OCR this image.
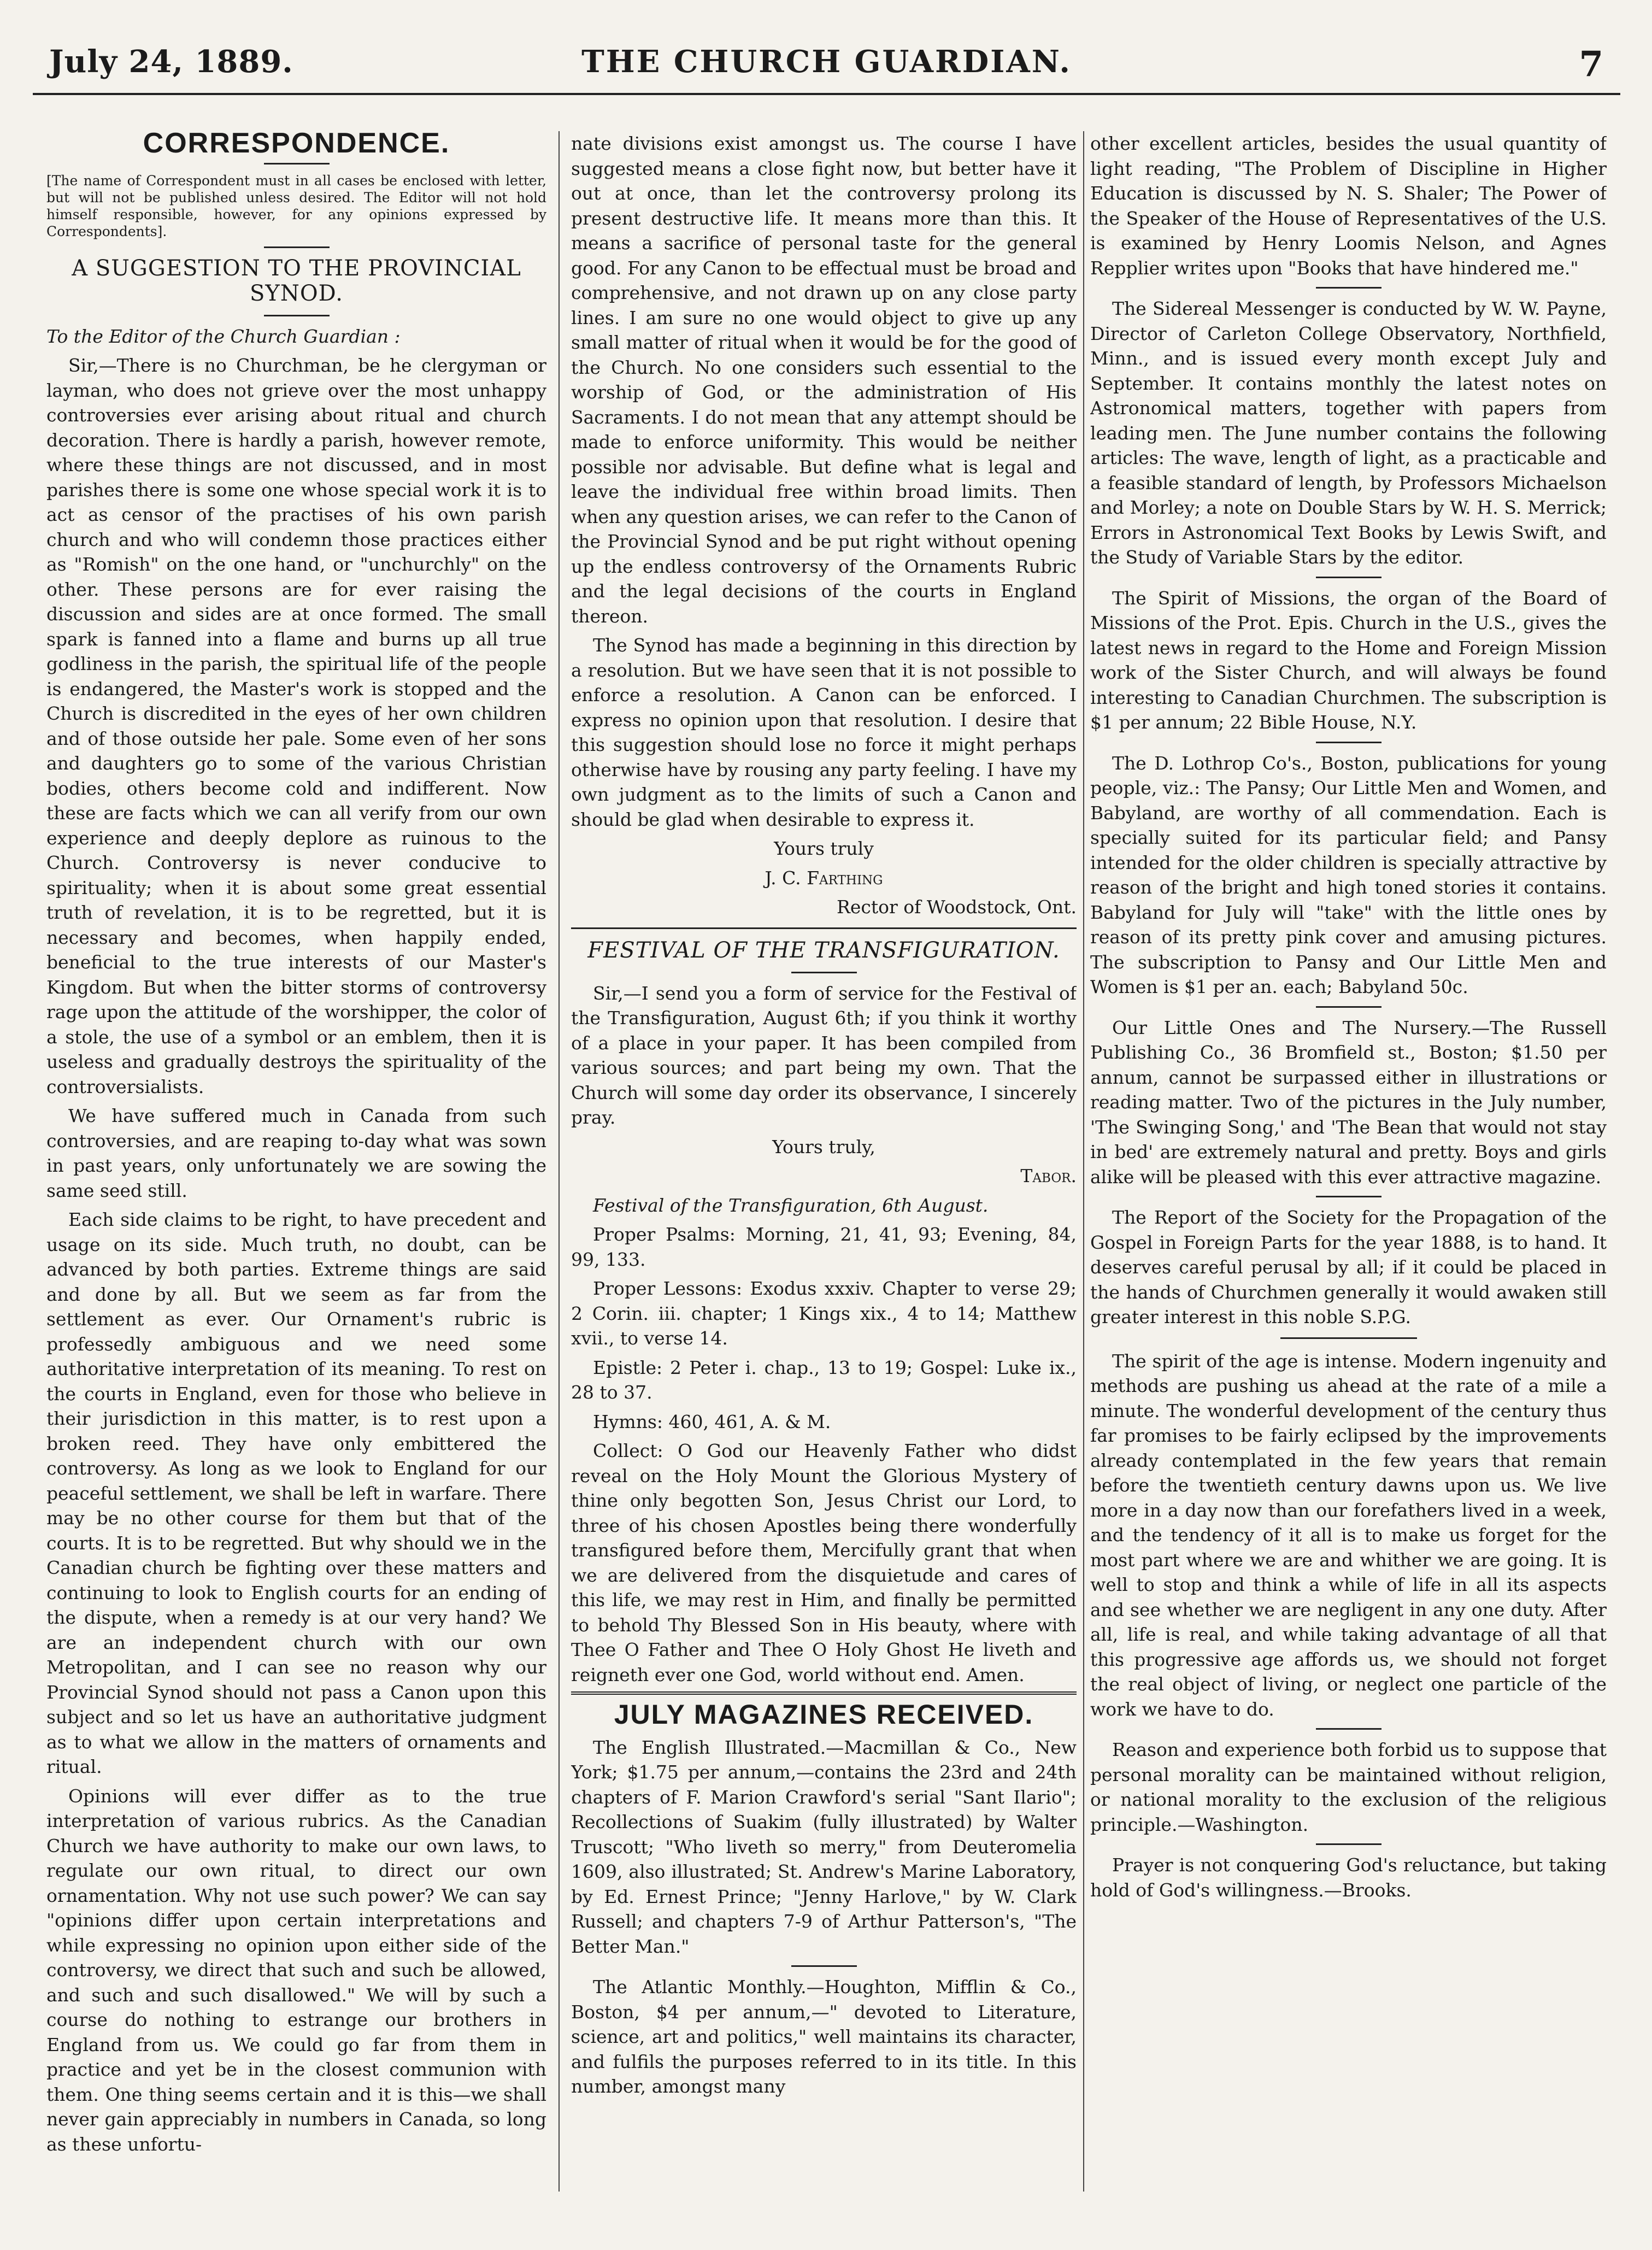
July 24, 1889.	THE CHURCH GUARDIAN.	7
CORRESPONDENCE.

[The name of Correspondent must in all cases be enclosed with letter, but will not be published unless desired. The Editor will not hold himself responsible, however, for any opinions expressed by Correspondents].

A SUGGESTION TO THE PROVINCIAL SYNOD.

To the Editor of the Church Guardian :

Sir,—There is no Churchman, be he clergyman or layman, who does not grieve over the most unhappy controversies ever arising about ritual and church decoration. There is hardly a parish, however remote, where these things are not discussed, and in most parishes there is some one whose special work it is to act as censor of the practises of his own parish church and who will condemn those practices either as "Romish" on the one hand, or "unchurchly" on the other. These persons are for ever raising the discussion and sides are at once formed. The small spark is fanned into a flame and burns up all true godliness in the parish, the spiritual life of the people is endangered, the Master's work is stopped and the Church is discredited in the eyes of her own children and of those outside her pale. Some even of her sons and daughters go to some of the various Christian bodies, others become cold and indifferent. Now these are facts which we can all verify from our own experience and deeply deplore as ruinous to the Church. Controversy is never conducive to spirituality; when it is about some great essential truth of revelation, it is to be regretted, but it is necessary and becomes, when happily ended, beneficial to the true interests of our Master's Kingdom. But when the bitter storms of controversy rage upon the attitude of the worshipper, the color of a stole, the use of a symbol or an emblem, then it is useless and gradually destroys the spirituality of the controversialists.

We have suffered much in Canada from such controversies, and are reaping to-day what was sown in past years, only unfortunately we are sowing the same seed still.

Each side claims to be right, to have precedent and usage on its side. Much truth, no doubt, can be advanced by both parties. Extreme things are said and done by all. But we seem as far from the settlement as ever. Our Ornament's rubric is professedly ambiguous and we need some authoritative interpretation of its meaning. To rest on the courts in England, even for those who believe in their jurisdiction in this matter, is to rest upon a broken reed. They have only embittered the controversy. As long as we look to England for our peaceful settlement, we shall be left in warfare. There may be no other course for them but that of the courts. It is to be regretted. But why should we in the Canadian church be fighting over these matters and continuing to look to English courts for an ending of the dispute, when a remedy is at our very hand? We are an independent church with our own Metropolitan, and I can see no reason why our Provincial Synod should not pass a Canon upon this subject and so let us have an authoritative judgment as to what we allow in the matters of ornaments and ritual.

Opinions will ever differ as to the true interpretation of various rubrics. As the Canadian Church we have authority to make our own laws, to regulate our own ritual, to direct our own ornamentation. Why not use such power? We can say "opinions differ upon certain interpretations and while expressing no opinion upon either side of the controversy, we direct that such and such be allowed, and such and such disallowed." We will by such a course do nothing to estrange our brothers in England from us. We could go far from them in practice and yet be in the closest communion with them. One thing seems certain and it is this—we shall never gain appreciably in numbers in Canada, so long as these unfortu-

nate divisions exist amongst us. The course I have suggested means a close fight now, but better have it out at once, than let the controversy prolong its present destructive life. It means more than this. It means a sacrifice of personal taste for the general good. For any Canon to be effectual must be broad and comprehensive, and not drawn up on any close party lines. I am sure no one would object to give up any small matter of ritual when it would be for the good of the Church. No one considers such essential to the worship of God, or the administration of His Sacraments. I do not mean that any attempt should be made to enforce uniformity. This would be neither possible nor advisable. But define what is legal and leave the individual free within broad limits. Then when any question arises, we can refer to the Canon of the Provincial Synod and be put right without opening up the endless controversy of the Ornaments Rubric and the legal decisions of the courts in England thereon.

The Synod has made a beginning in this direction by a resolution. But we have seen that it is not possible to enforce a resolution. A Canon can be enforced. I express no opinion upon that resolution. I desire that this suggestion should lose no force it might perhaps otherwise have by rousing any party feeling. I have my own judgment as to the limits of such a Canon and should be glad when desirable to express it.

Yours truly

J. C. Farthing

Rector of Woodstock, Ont.

FESTIVAL OF THE TRANSFIGURATION.

Sir,—I send you a form of service for the Festival of the Transfiguration, August 6th; if you think it worthy of a place in your paper. It has been compiled from various sources; and part being my own. That the Church will some day order its observance, I sincerely pray.

Yours truly,

Tabor.

Festival of the Transfiguration, 6th August.

Proper Psalms: Morning, 21, 41, 93; Evening, 84, 99, 133.

Proper Lessons: Exodus xxxiv. Chapter to verse 29; 2 Corin. iii. chapter; 1 Kings xix., 4 to 14; Matthew xvii., to verse 14.

Epistle: 2 Peter i. chap., 13 to 19; Gospel: Luke ix., 28 to 37.

Hymns: 460, 461, A. & M.

Collect: O God our Heavenly Father who didst reveal on the Holy Mount the Glorious Mystery of thine only begotten Son, Jesus Christ our Lord, to three of his chosen Apostles being there wonderfully transfigured before them, Mercifully grant that when we are delivered from the disquietude and cares of this life, we may rest in Him, and finally be permitted to behold Thy Blessed Son in His beauty, where with Thee O Father and Thee O Holy Ghost He liveth and reigneth ever one God, world without end. Amen.

JULY MAGAZINES RECEIVED.

The English Illustrated.—Macmillan & Co., New York; $1.75 per annum,—contains the 23rd and 24th chapters of F. Marion Crawford's serial "Sant Ilario"; Recollections of Suakim (fully illustrated) by Walter Truscott; "Who liveth so merry," from Deuteromelia 1609, also illustrated; St. Andrew's Marine Laboratory, by Ed. Ernest Prince; "Jenny Harlove," by W. Clark Russell; and chapters 7-9 of Arthur Patterson's, "The Better Man."

The Atlantic Monthly.—Houghton, Mifflin & Co., Boston, $4 per annum,—" devoted to Literature, science, art and politics," well maintains its character, and fulfils the purposes referred to in its title. In this number, amongst many

other excellent articles, besides the usual quantity of light reading, "The Problem of Discipline in Higher Education is discussed by N. S. Shaler; The Power of the Speaker of the House of Representatives of the U.S. is examined by Henry Loomis Nelson, and Agnes Repplier writes upon "Books that have hindered me."

The Sidereal Messenger is conducted by W. W. Payne, Director of Carleton College Observatory, Northfield, Minn., and is issued every month except July and September. It contains monthly the latest notes on Astronomical matters, together with papers from leading men. The June number contains the following articles: The wave, length of light, as a practicable and a feasible standard of length, by Professors Michaelson and Morley; a note on Double Stars by W. H. S. Merrick; Errors in Astronomical Text Books by Lewis Swift, and the Study of Variable Stars by the editor.

The Spirit of Missions, the organ of the Board of Missions of the Prot. Epis. Church in the U.S., gives the latest news in regard to the Home and Foreign Mission work of the Sister Church, and will always be found interesting to Canadian Churchmen. The subscription is $1 per annum; 22 Bible House, N.Y.

The D. Lothrop Co's., Boston, publications for young people, viz.: The Pansy; Our Little Men and Women, and Babyland, are worthy of all commendation. Each is specially suited for its particular field; and Pansy intended for the older children is specially attractive by reason of the bright and high toned stories it contains. Babyland for July will "take" with the little ones by reason of its pretty pink cover and amusing pictures. The subscription to Pansy and Our Little Men and Women is $1 per an. each; Babyland 50c.

Our Little Ones and The Nursery.—The Russell Publishing Co., 36 Bromfield st., Boston; $1.50 per annum, cannot be surpassed either in illustrations or reading matter. Two of the pictures in the July number, 'The Swinging Song,' and 'The Bean that would not stay in bed' are extremely natural and pretty. Boys and girls alike will be pleased with this ever attractive magazine.

The Report of the Society for the Propagation of the Gospel in Foreign Parts for the year 1888, is to hand. It deserves careful perusal by all; if it could be placed in the hands of Churchmen generally it would awaken still greater interest in this noble S.P.G.

The spirit of the age is intense. Modern ingenuity and methods are pushing us ahead at the rate of a mile a minute. The wonderful development of the century thus far promises to be fairly eclipsed by the improvements already contemplated in the few years that remain before the twentieth century dawns upon us. We live more in a day now than our forefathers lived in a week, and the tendency of it all is to make us forget for the most part where we are and whither we are going. It is well to stop and think a while of life in all its aspects and see whether we are negligent in any one duty. After all, life is real, and while taking advantage of all that this progressive age affords us, we should not forget the real object of living, or neglect one particle of the work we have to do.

Reason and experience both forbid us to suppose that personal morality can be maintained without religion, or national morality to the exclusion of the religious principle.—Washington.

Prayer is not conquering God's reluctance, but taking hold of God's willingness.—Brooks.
